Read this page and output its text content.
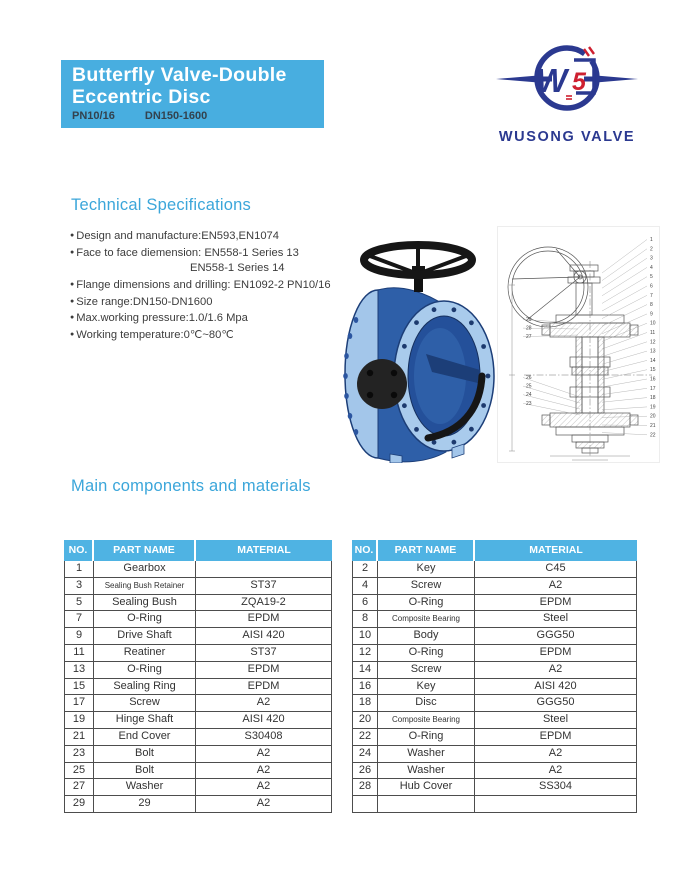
Butterfly Valve-Double
Eccentric Disc
PN10/16	DN150-1600
W 5
WUSONG VALVE
Technical Specifications
● Design and manufacture:EN593,EN1074
● Face to face diemension: EN558-1 Series 13
EN558-1 Series 14
● Flange dimensions and drilling: EN1092-2 PN10/16
● Size range:DN150-DN1600
● Max.working pressure:1.0/1.6 Mpa
● Working temperature:0℃~80℃
1
2
3
4
5
6
7
8
9
10
11
12
13
14
15
16
17
18
19
20
21
22
29
28
27
26
25
24
23
Main components and materials
NO.	PART NAME	MATERIAL
1	Gearbox
3	Sealing Bush Retainer	ST37
5	Sealing Bush	ZQA19-2
7	O-Ring	EPDM
9	Drive Shaft	AISI 420
11	Reatiner	ST37
13	O-Ring	EPDM
15	Sealing Ring	EPDM
17	Screw	A2
19	Hinge Shaft	AISI 420
21	End Cover	S30408
23	Bolt	A2
25	Bolt	A2
27	Washer	A2
29	29	A2
NO.	PART NAME	MATERIAL
2	Key	C45
4	Screw	A2
6	O-Ring	EPDM
8	Composite Bearing	Steel
10	Body	GGG50
12	O-Ring	EPDM
14	Screw	A2
16	Key	AISI 420
18	Disc	GGG50
20	Composite Bearing	Steel
22	O-Ring	EPDM
24	Washer	A2
26	Washer	A2
28	Hub Cover	SS304
